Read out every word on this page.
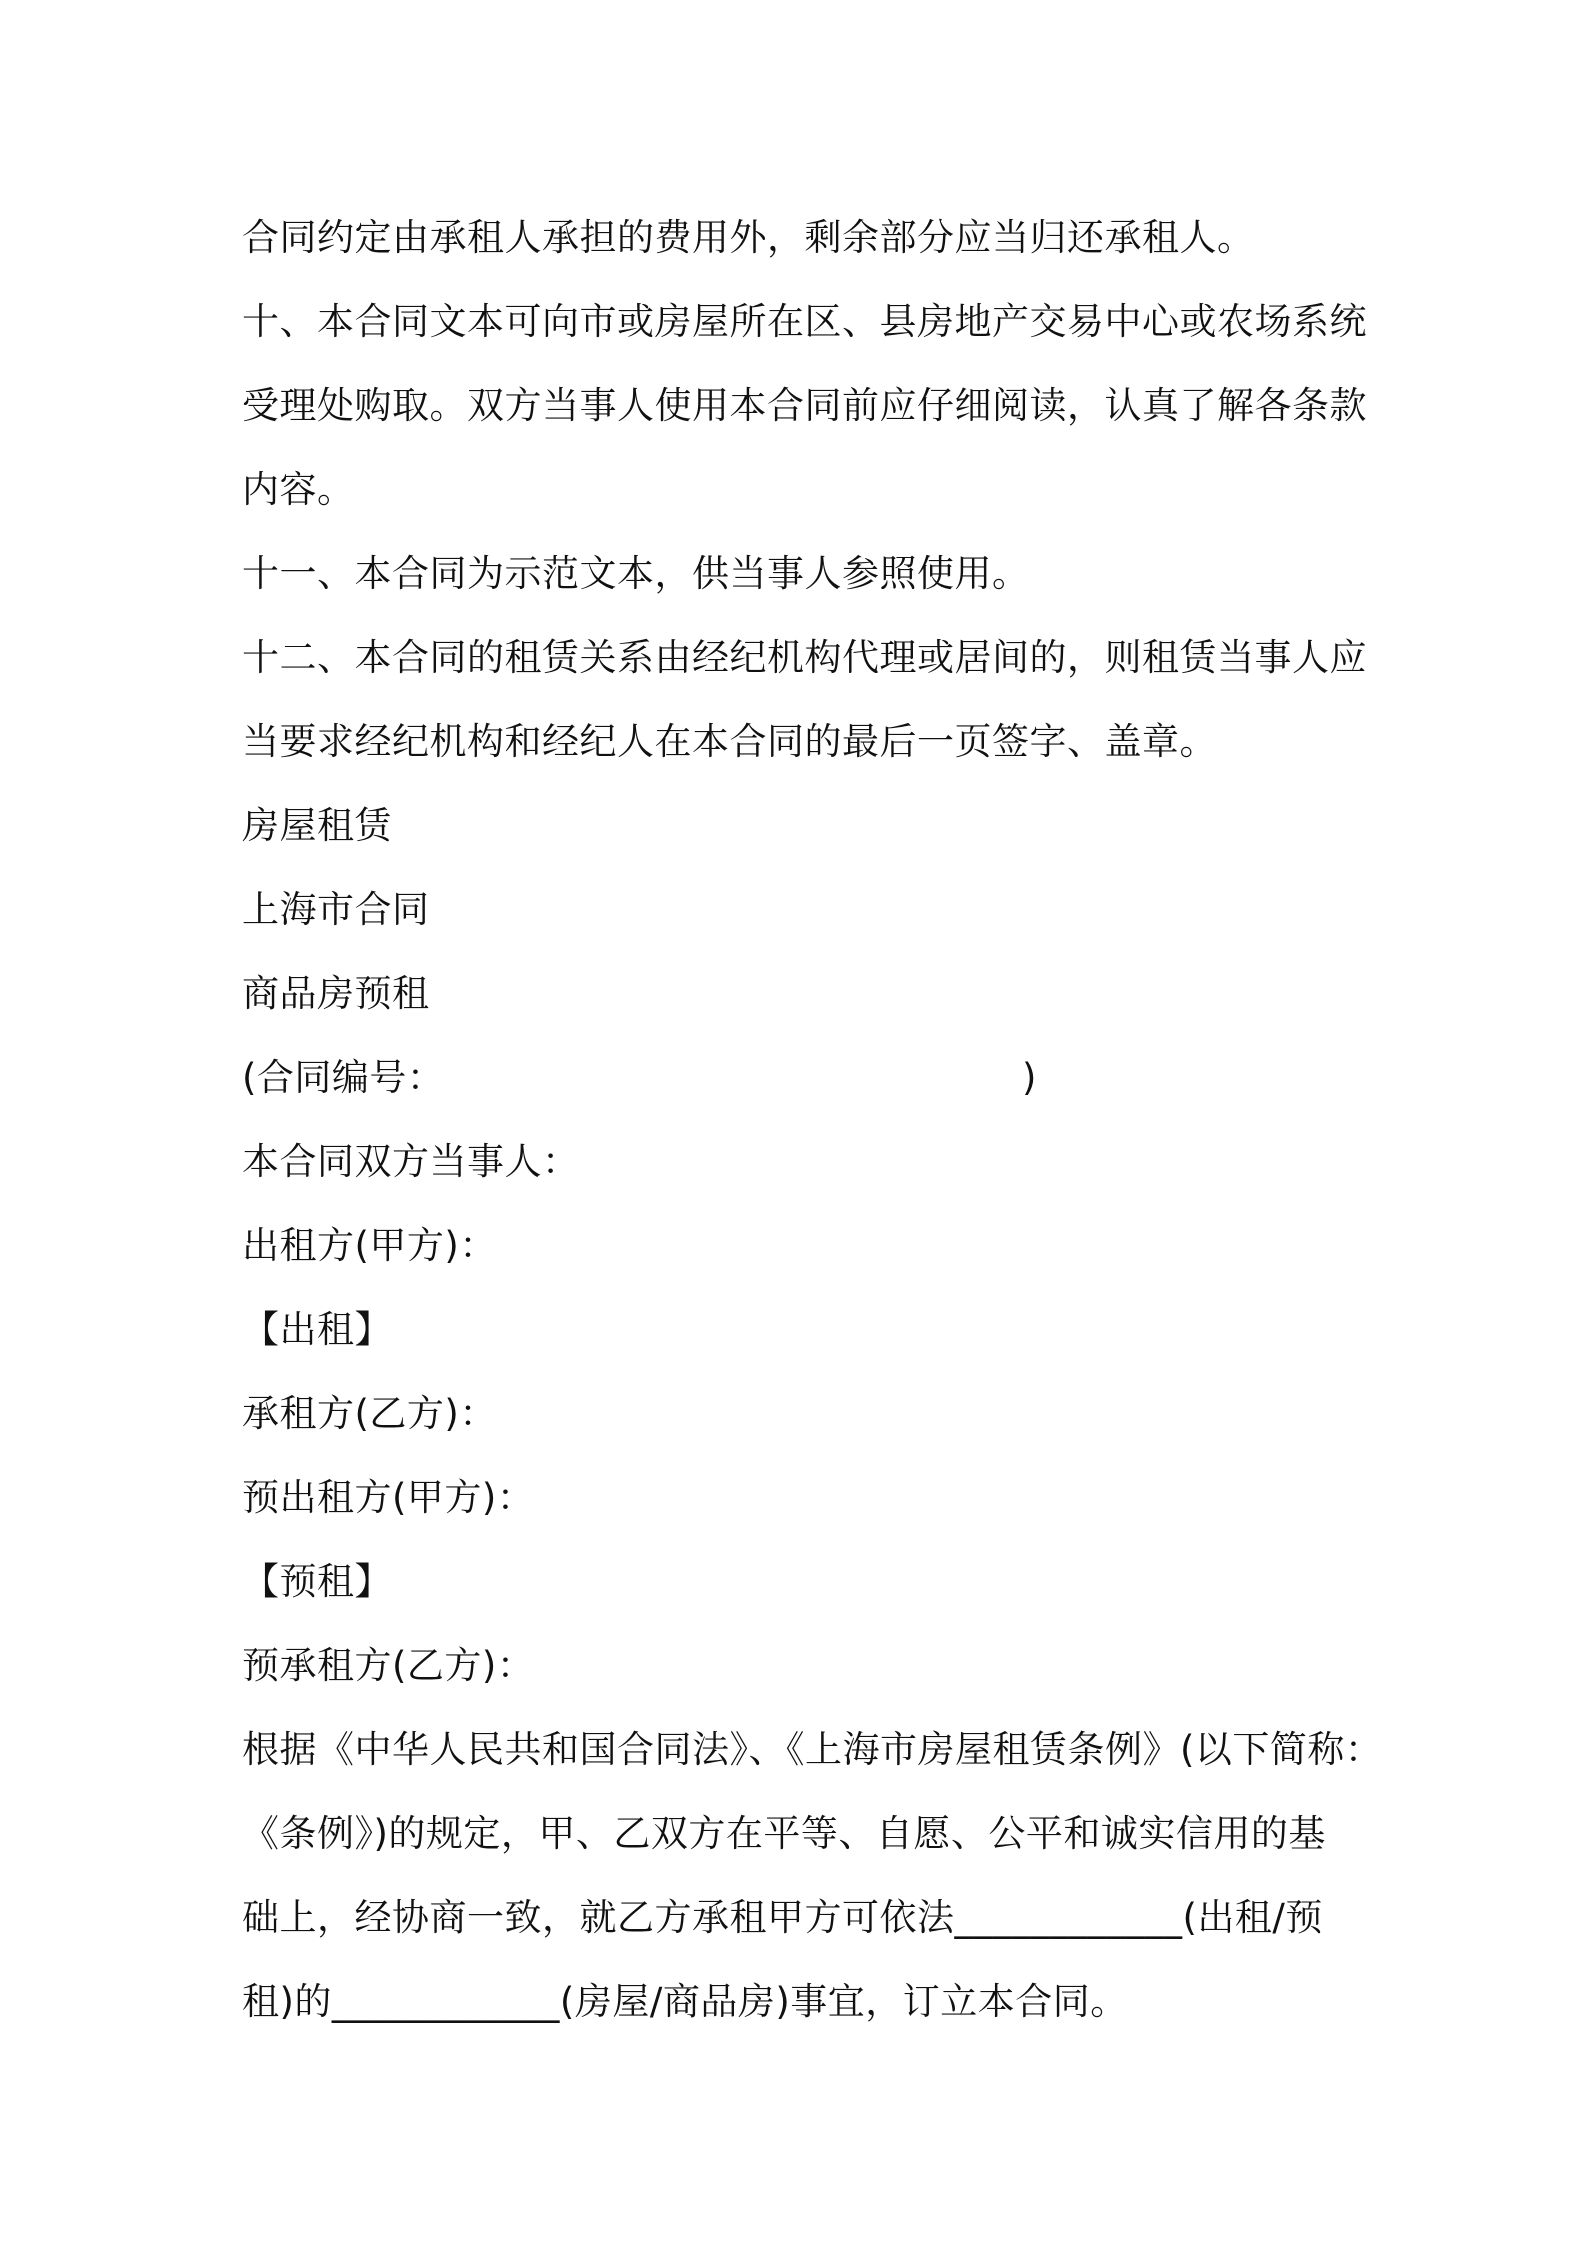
合同约定由承租人承担的费用外，剩余部分应当归还承租人。
十、本合同文本可向市或房屋所在区、县房地产交易中心或农场系统
受理处购取。双方当事人使用本合同前应仔细阅读，认真了解各条款
内容。
十一、本合同为示范文本，供当事人参照使用。
十二、本合同的租赁关系由经纪机构代理或居间的，则租赁当事人应
当要求经纪机构和经纪人在本合同的最后一页签字、盖章。
房屋租赁
上海市合同
商品房预租
(合同编号：	)
本合同双方当事人：
出租方(甲方)：
【出租】
承租方(乙方)：
预出租方(甲方)：
【预租】
预承租方(乙方)：
根据《中华人民共和国合同法》、《上海市房屋租赁条例》(以下简称：
《条例》)的规定，甲、乙双方在平等、自愿、公平和诚实信用的基
础上，经协商一致，就乙方承租甲方可依法____________(出租/预
租)的____________(房屋/商品房)事宜，订立本合同。
